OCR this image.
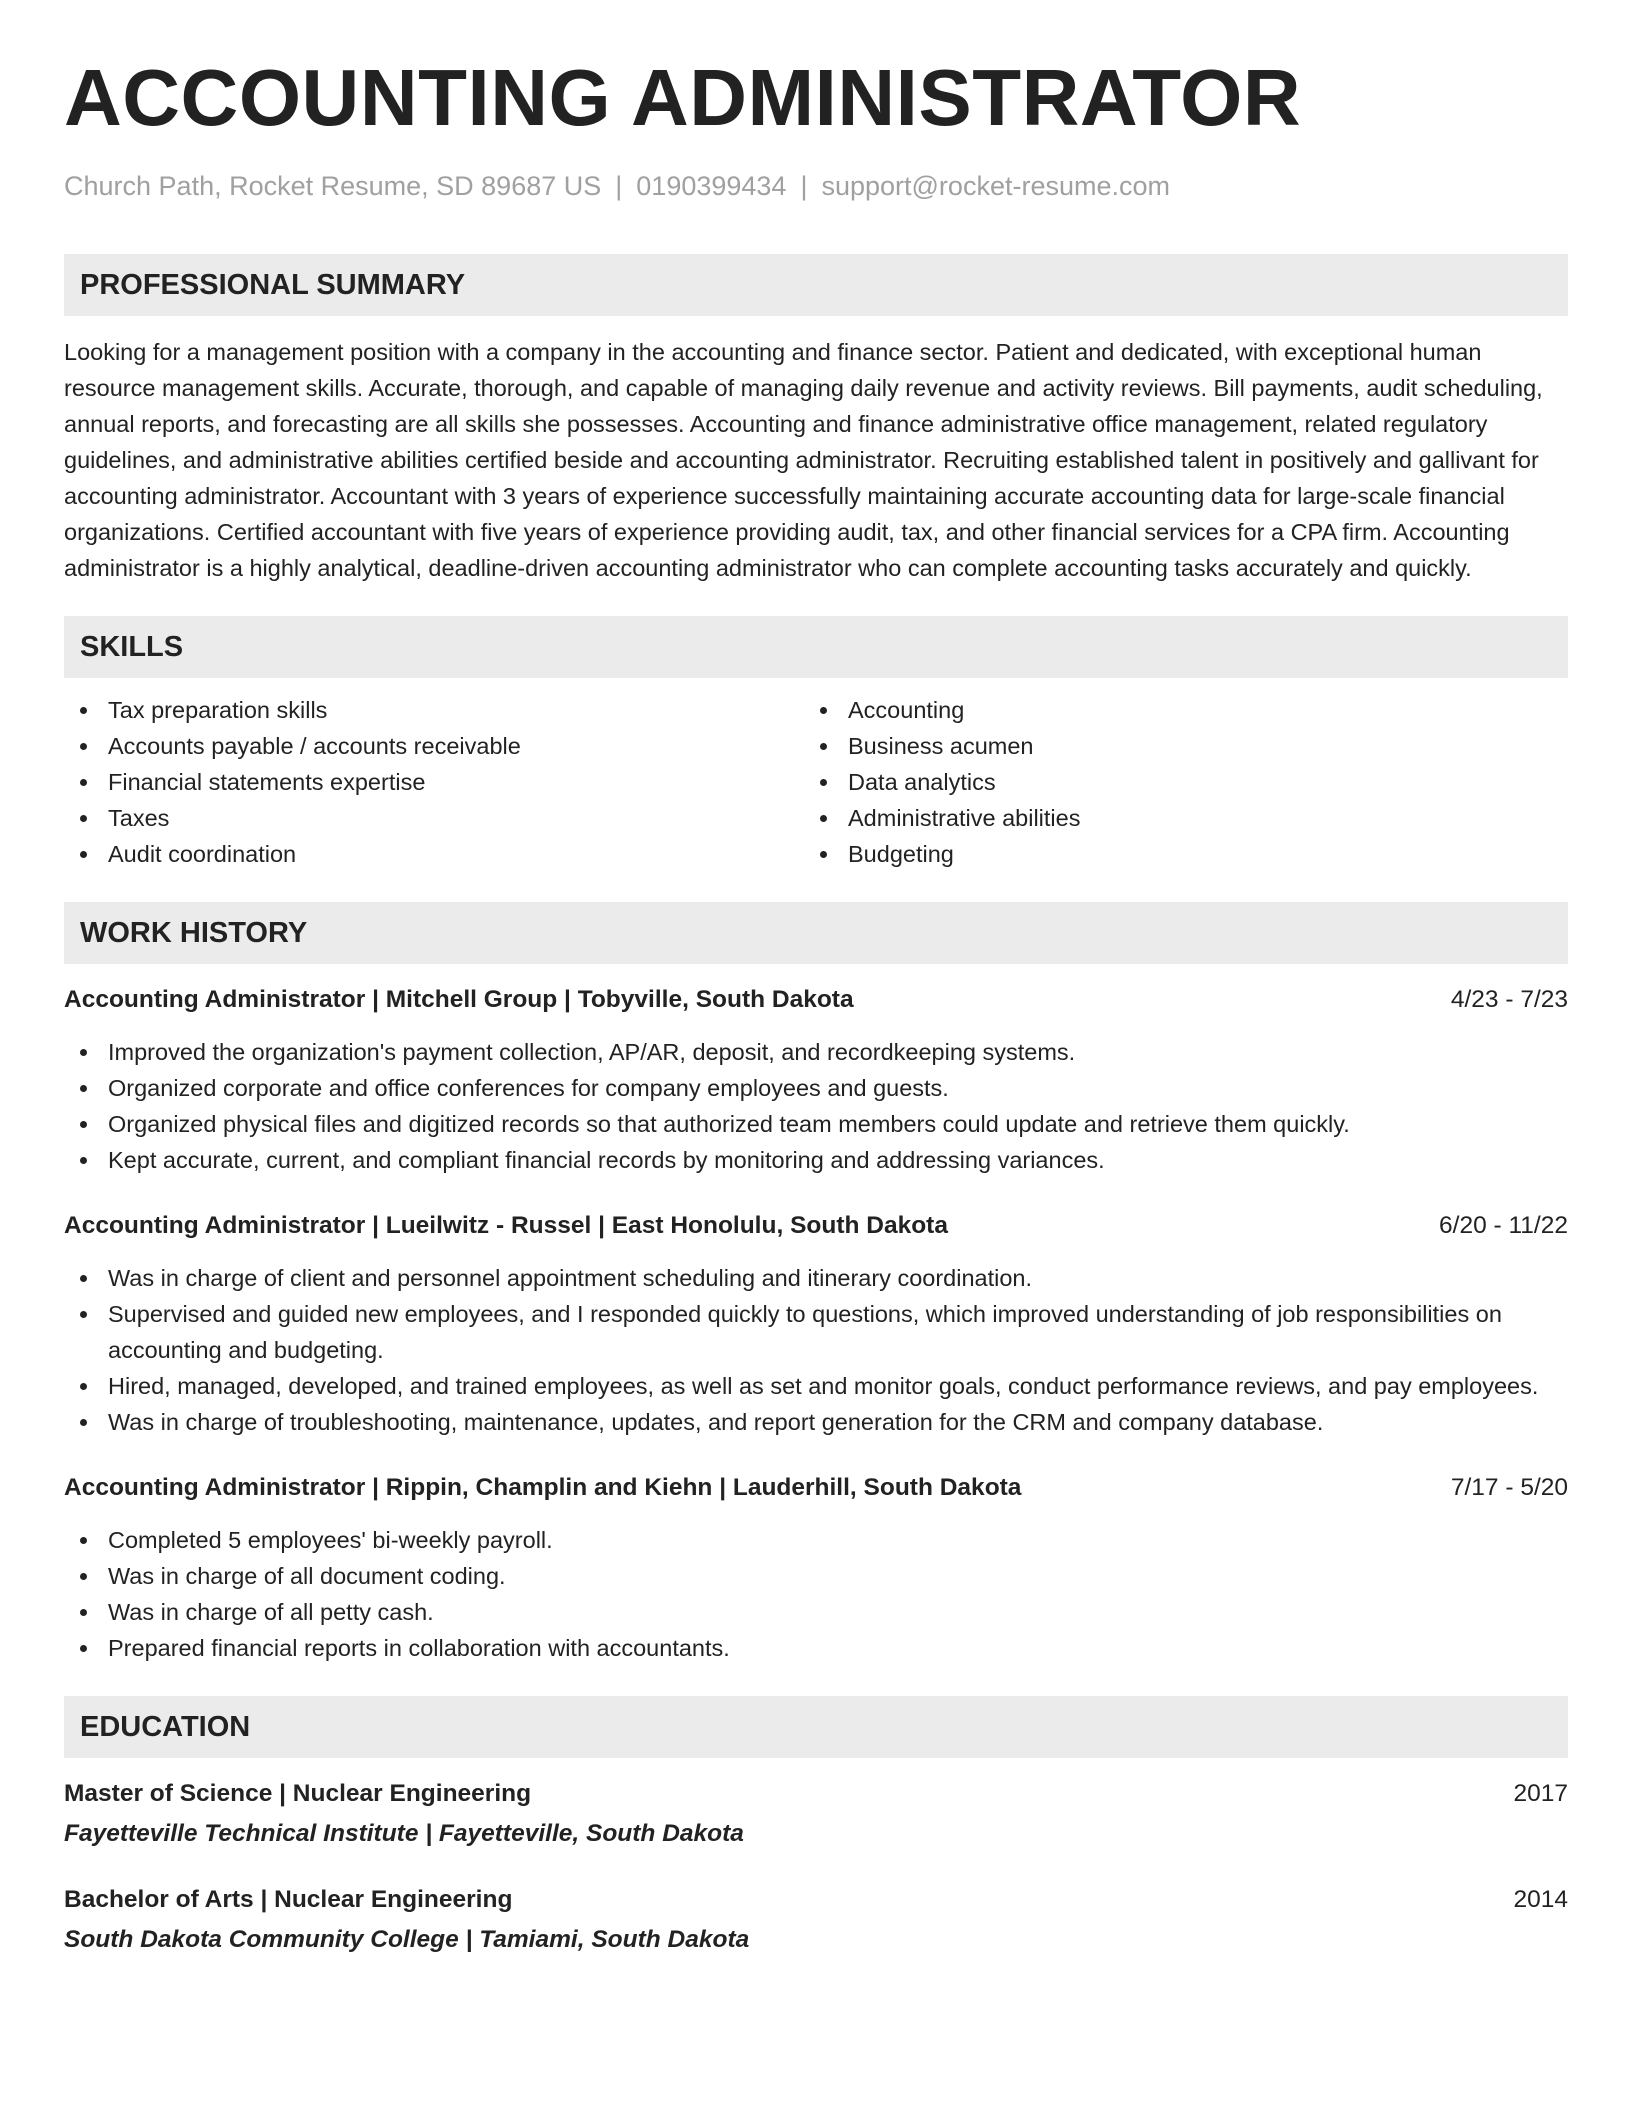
ACCOUNTING ADMINISTRATOR
Church Path, Rocket Resume, SD 89687 US | 0190399434 | support@rocket-resume.com
PROFESSIONAL SUMMARY
Looking for a management position with a company in the accounting and finance sector. Patient and dedicated, with exceptional human resource management skills. Accurate, thorough, and capable of managing daily revenue and activity reviews. Bill payments, audit scheduling, annual reports, and forecasting are all skills she possesses. Accounting and finance administrative office management, related regulatory guidelines, and administrative abilities certified beside and accounting administrator. Recruiting established talent in positively and gallivant for accounting administrator. Accountant with 3 years of experience successfully maintaining accurate accounting data for large-scale financial organizations. Certified accountant with five years of experience providing audit, tax, and other financial services for a CPA firm. Accounting administrator is a highly analytical, deadline-driven accounting administrator who can complete accounting tasks accurately and quickly.
SKILLS
Tax preparation skills
Accounts payable / accounts receivable
Financial statements expertise
Taxes
Audit coordination
Accounting
Business acumen
Data analytics
Administrative abilities
Budgeting
WORK HISTORY
Accounting Administrator | Mitchell Group | Tobyville, South Dakota	4/23 - 7/23
Improved the organization's payment collection, AP/AR, deposit, and recordkeeping systems.
Organized corporate and office conferences for company employees and guests.
Organized physical files and digitized records so that authorized team members could update and retrieve them quickly.
Kept accurate, current, and compliant financial records by monitoring and addressing variances.
Accounting Administrator | Lueilwitz - Russel | East Honolulu, South Dakota	6/20 - 11/22
Was in charge of client and personnel appointment scheduling and itinerary coordination.
Supervised and guided new employees, and I responded quickly to questions, which improved understanding of job responsibilities on accounting and budgeting.
Hired, managed, developed, and trained employees, as well as set and monitor goals, conduct performance reviews, and pay employees.
Was in charge of troubleshooting, maintenance, updates, and report generation for the CRM and company database.
Accounting Administrator | Rippin, Champlin and Kiehn | Lauderhill, South Dakota	7/17 - 5/20
Completed 5 employees' bi-weekly payroll.
Was in charge of all document coding.
Was in charge of all petty cash.
Prepared financial reports in collaboration with accountants.
EDUCATION
Master of Science | Nuclear Engineering	2017
Fayetteville Technical Institute | Fayetteville, South Dakota
Bachelor of Arts | Nuclear Engineering	2014
South Dakota Community College | Tamiami, South Dakota
